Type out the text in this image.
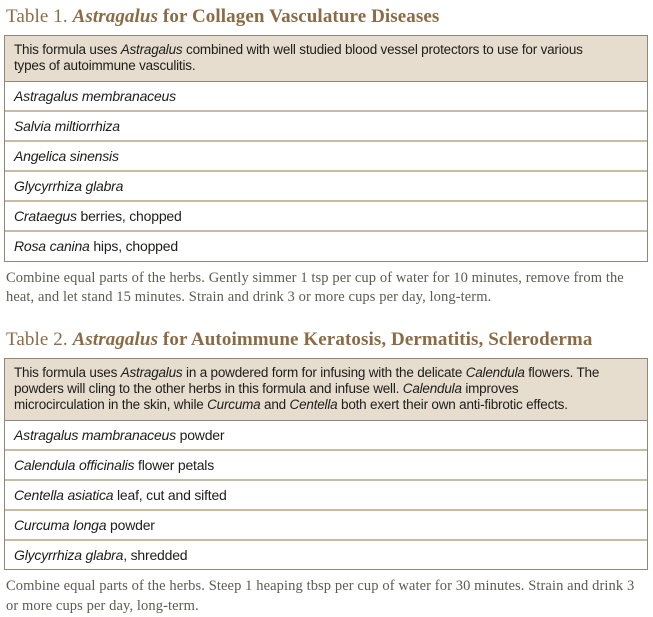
Table 1. Astragalus for Collagen Vasculature Diseases
This formula uses Astragalus combined with well studied blood vessel protectors to use for various types of autoimmune vasculitis.
Astragalus membranaceus
Salvia miltiorrhiza
Angelica sinensis
Glycyrrhiza glabra
Crataegus berries, chopped
Rosa canina hips, chopped

Combine equal parts of the herbs. Gently simmer 1 tsp per cup of water for 10 minutes, remove from the heat, and let stand 15 minutes. Strain and drink 3 or more cups per day, long-term.

Table 2. Astragalus for Autoimmune Keratosis, Dermatitis, Scleroderma
This formula uses Astragalus in a powdered form for infusing with the delicate Calendula flowers. The powders will cling to the other herbs in this formula and infuse well. Calendula improves microcirculation in the skin, while Curcuma and Centella both exert their own anti-fibrotic effects.
Astragalus mambranaceus powder
Calendula officinalis flower petals
Centella asiatica leaf, cut and sifted
Curcuma longa powder
Glycyrrhiza glabra, shredded

Combine equal parts of the herbs. Steep 1 heaping tbsp per cup of water for 30 minutes. Strain and drink 3 or more cups per day, long-term.
